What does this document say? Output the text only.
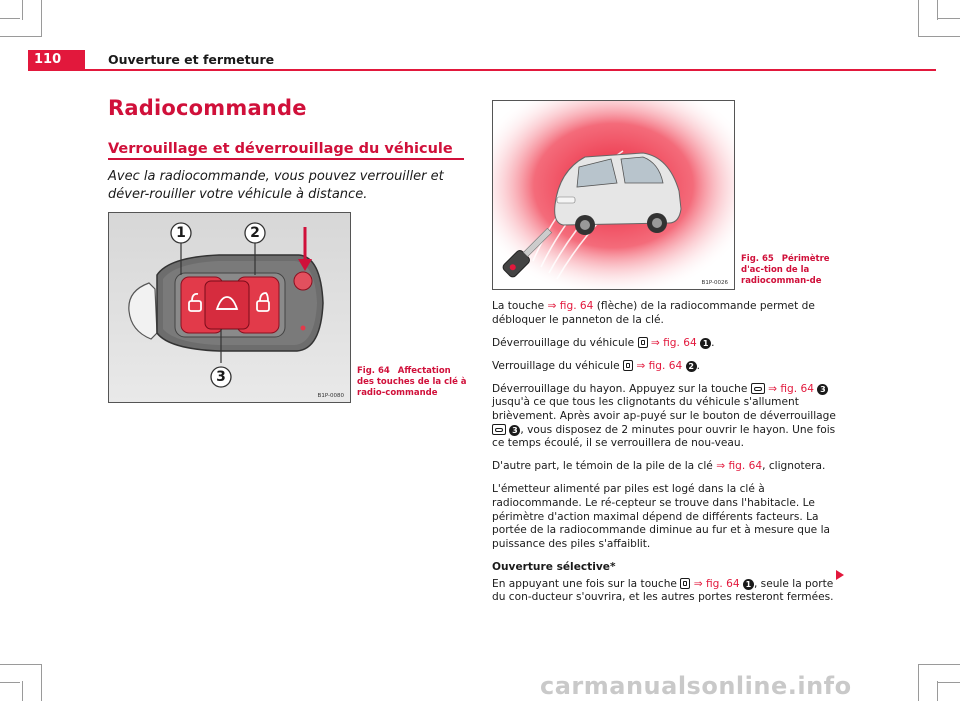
110	Ouverture et fermeture
Radiocommande
Verrouillage et déverrouillage du véhicule
Avec la radiocommande, vous pouvez verrouiller et déver-rouiller votre véhicule à distance.
1	2
3
B1P-0080
Fig. 64 Affectation des touches de la clé à radio-commande
B1P-0026
Fig. 65 Périmètre d'ac-tion de la radiocomman-de

La touche ⇒ fig. 64 (flèche) de la radiocommande permet de débloquer le panneton de la clé.

Déverrouillage du véhicule ⇒ fig. 64 1 .

Verrouillage du véhicule ⇒ fig. 64 2 .

Déverrouillage du hayon. Appuyez sur la touche ⇒ fig. 64 3 jusqu'à ce que tous les clignotants du véhicule s'allument brièvement. Après avoir ap-puyé sur le bouton de déverrouillage
3 , vous disposez de 2 minutes pour ouvrir le hayon. Une fois ce temps écoulé, il se verrouillera de nou-veau.

D'autre part, le témoin de la pile de la clé ⇒ fig. 64, clignotera.

L'émetteur alimenté par piles est logé dans la clé à radiocommande. Le ré-cepteur se trouve dans l'habitacle. Le périmètre d'action maximal dépend de différents facteurs. La portée de la radiocommande diminue au fur et à mesure que la puissance des piles s'affaiblit.

Ouverture sélective*

En appuyant une fois sur la touche ⇒ fig. 64 1 , seule la porte du con-ducteur s'ouvrira, et les autres portes resteront fermées.

carmanualsonline.info
